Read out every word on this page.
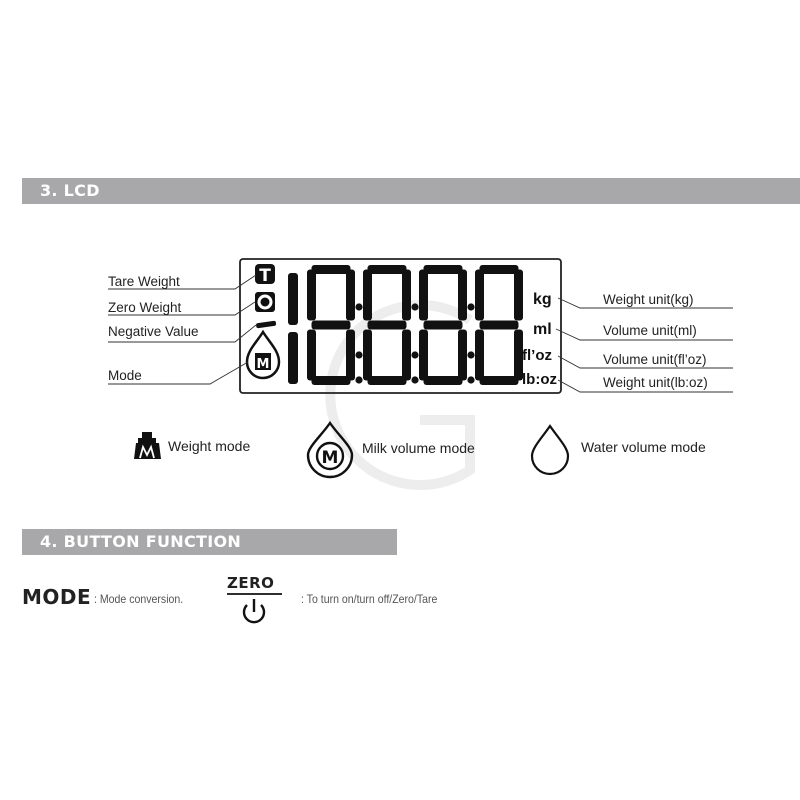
3. LCD
4. BUTTON FUNCTION
T
M
kg
ml
fl’oz
lb:oz
M
Tare Weight
Zero Weight
Negative Value
Mode
Weight unit(kg)
Volume unit(ml)
Volume unit(fl’oz)
Weight unit(lb:oz)
Weight mode	Milk volume mode	Water volume mode
MODE : Mode conversion.
ZERO
: To turn on/turn off/Zero/Tare
